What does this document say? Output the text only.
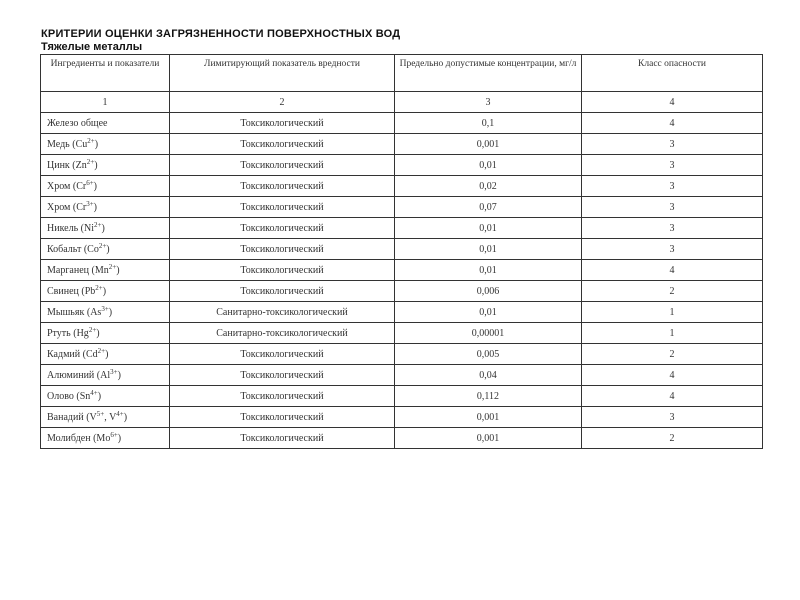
КРИТЕРИИ ОЦЕНКИ ЗАГРЯЗНЕННОСТИ ПОВЕРХНОСТНЫХ ВОД
Тяжелые металлы
Ингредиенты и показатели	Лимитирующий показатель вредности	Предельно допустимые концентрации, мг/л	Класс опасности
1	2	3	4
Железо общее	Токсикологический	0,1	4
Медь $(Cu^{2+})$	Токсикологический	0,001	3
Цинк $(Zn^{2+})$	Токсикологический	0,01	3
Хром $(Cr^{6+})$	Токсикологический	0,02	3
Хром $(Cr^{3+})$	Токсикологический	0,07	3
Никель $(Ni^{2+})$	Токсикологический	0,01	3
Кобальт $(Co^{2+})$	Токсикологический	0,01	3
Марганец $(Mn^{2+})$	Токсикологический	0,01	4
Свинец $(Pb^{2+})$	Токсикологический	0,006	2
Мышьяк $(As^{3+})$	Санитарно-токсикологический	0,01	1
Ртуть $(Hg^{2+})$	Санитарно-токсикологический	0,00001	1
Кадмий $(Cd^{2+})$	Токсикологический	0,005	2
Алюминий $(Al^{3+})$	Токсикологический	0,04	4
Олово $(Sn^{4+})$	Токсикологический	0,112	4
Ванадий ($V^{5+}$, $V^{4+}$)	Токсикологический	0,001	3
Молибден $(Mo^{6+})$	Токсикологический	0,001	2
